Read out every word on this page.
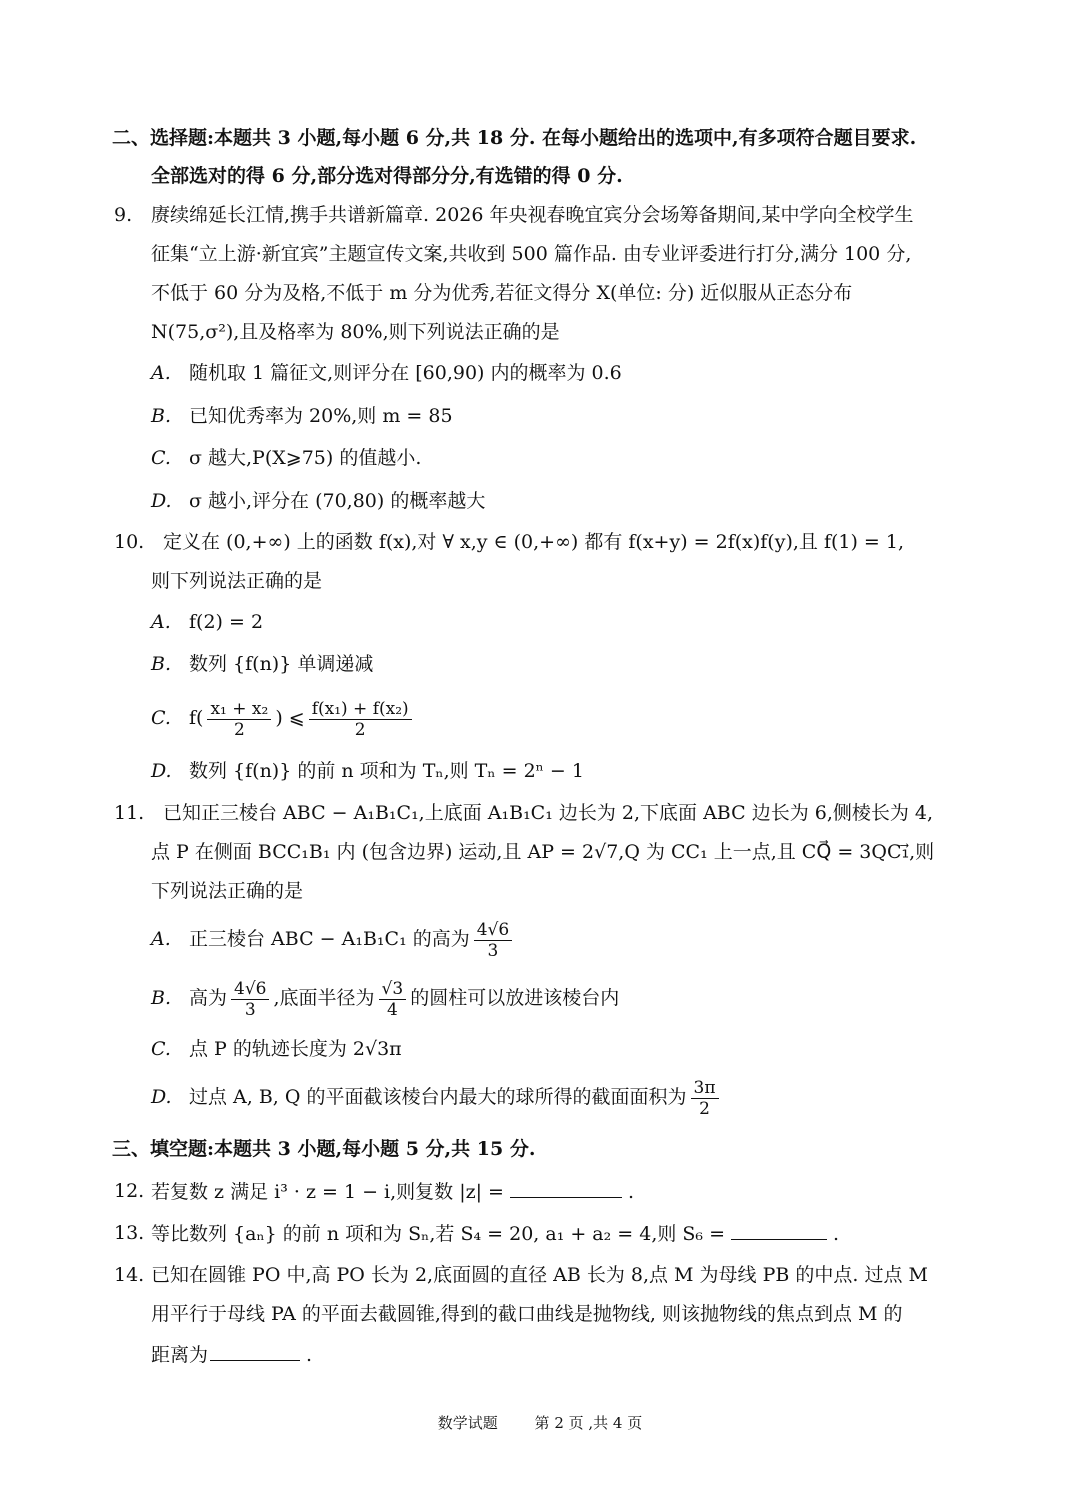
二、选择题:本题共 3 小题,每小题 6 分,共 18 分. 在每小题给出的选项中,有多项符合题目要求.
全部选对的得 6 分,部分选对得部分分,有选错的得 0 分.
9. 赓续绵延长江情,携手共谱新篇章. 2026 年央视春晚宜宾分会场筹备期间,某中学向全校学生
征集“立上游·新宜宾”主题宣传文案,共收到 500 篇作品. 由专业评委进行打分,满分 100 分,
不低于 60 分为及格,不低于 m 分为优秀,若征文得分 X(单位: 分) 近似服从正态分布
N(75,σ²),且及格率为 80%,则下列说法正确的是
A. 随机取 1 篇征文,则评分在 [60,90) 内的概率为 0.6
B. 已知优秀率为 20%,则 m = 85
C. σ 越大,P(X⩾75) 的值越小.
D. σ 越小,评分在 (70,80) 的概率越大
10. 定义在 (0,+∞) 上的函数 f(x),对 ∀ x,y ∈ (0,+∞) 都有 f(x+y) = 2f(x)f(y),且 f(1) = 1,
则下列说法正确的是
A. f(2) = 2
B. 数列 {f(n)} 单调递减
C. $f( \frac{\text{x₁ + x₂}}{2}$ ) ⩽ $\frac{\text{f(x₁) + f(x₂)}}{2}$
D. 数列 {f(n)} 的前 n 项和为 Tₙ,则 Tₙ = 2ⁿ − 1
11. 已知正三棱台 ABC − A₁B₁C₁,上底面 A₁B₁C₁ 边长为 2,下底面 ABC 边长为 6,侧棱长为 4,
点 P 在侧面 BCC₁B₁ 内 (包含边界) 运动,且 AP = 2√7,Q 为 CC₁ 上一点,且 CQ⃗ = 3QC₁⃗,则
下列说法正确的是
A. 正三棱台 ABC − A₁B₁C₁ 的高为 $\frac{4√6}{3}$
B. 高为 $\frac{4√6}{3}$ ,底面半径为 $\frac{√3}{4}$ 的圆柱可以放进该棱台内
C. 点 P 的轨迹长度为 2√3π
D. 过点 A, B, Q 的平面截该棱台内最大的球所得的截面面积为 $\frac{3\pi}{2}$
三、填空题:本题共 3 小题,每小题 5 分,共 15 分.
12. 若复数 z 满足 i³ · z = 1 − i,则复数 |z| =	.
13. 等比数列 {aₙ} 的前 n 项和为 Sₙ,若 S₄ = 20, a₁ + a₂ = 4,则 S₆ =	.
14. 已知在圆锥 PO 中,高 PO 长为 2,底面圆的直径 AB 长为 8,点 M 为母线 PB 的中点. 过点 M
用平行于母线 PA 的平面去截圆锥,得到的截口曲线是抛物线, 则该抛物线的焦点到点 M 的
距离为	.
数学试题 第 2 页 ,共 4 页
